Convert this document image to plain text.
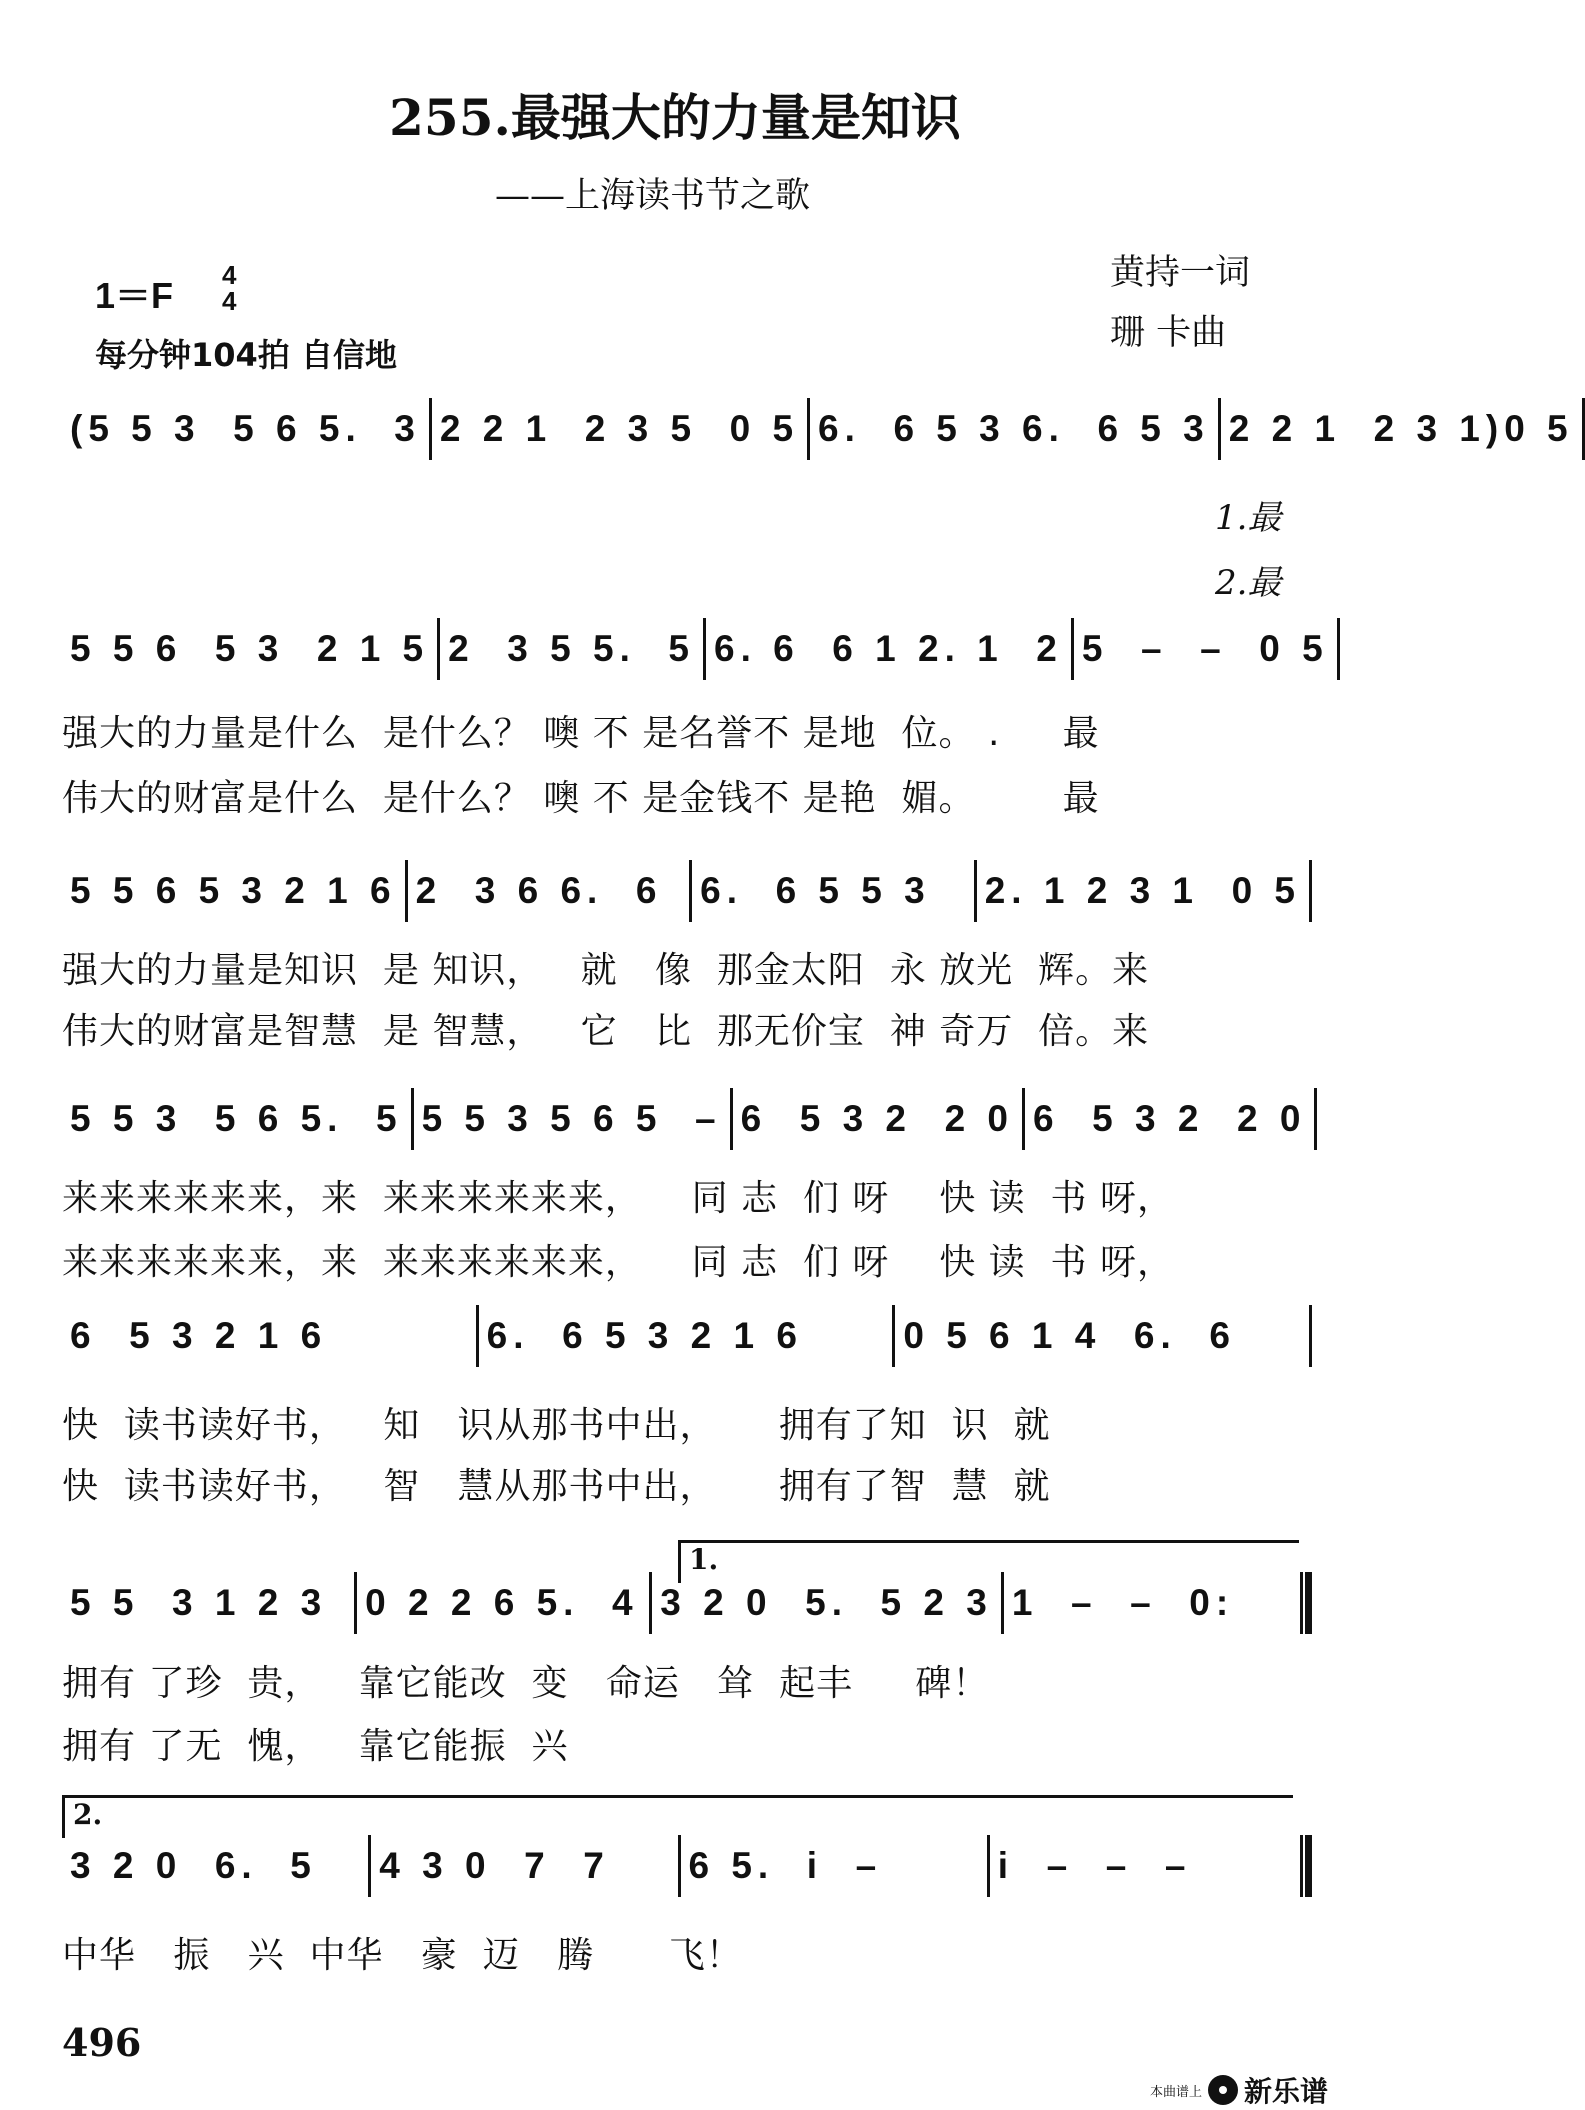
255.最强大的力量是知识
——上海读书节之歌
黄持一词
珊 卡曲
1＝F 4
4
每分钟104拍 自信地
1.最
2.最
1.
2.
(5 5 3  5 6 5.  3 2 2 1  2 3 5  0 5 6.  6 5 3 6.  6 5 3 2 2 1  2 3 1)0 5
5 5 6  5 3  2 1 5 2  3 5 5.  5 6. 6  6 1 2. 1  2 5  –  –  0 5
强大的力量是什么  是什么？ 噢 不 是名誉不 是地  位。 .     最
伟大的财富是什么  是什么？ 噢 不 是金钱不 是艳  媚。       最
5 5 6 5 3 2 1 6 2  3 6 6.  6	6.  6 5 5 3	2. 1 2 3 1  0 5
强大的力量是知识  是 知识，   就   像  那金太阳  永 放光  辉。来
伟大的财富是智慧  是 智慧，   它   比  那无价宝  神 奇万  倍。来
5 5 3  5 6 5.  5 5 5 3 5 6 5  – 6  5 3 2  2 0 6  5 3 2  2 0
来来来来来来，来  来来来来来来，    同 志  们 呀    快 读  书 呀，
来来来来来来，来  来来来来来来，    同 志  们 呀    快 读  书 呀，
6  5 3 2 1 6	6.  6 5 3 2 1 6	0 5 6 1 4  6.  6
快  读书读好书，   知   识从那书中出，     拥有了知  识  就
快  读书读好书，   智   慧从那书中出，     拥有了智  慧  就
5 5  3 1 2 3	0 2 2 6 5.  4 3 2 0  5.  5 2 3 1  –  –  0:
拥有 了珍  贵，   靠它能改  变   命运   耸  起丰     碑！
拥有 了无  愧，   靠它能振  兴
3 2 0  6.  5	4 3 0  7  7	6 5.  i  –	i  –  –  –
中华   振   兴  中华   豪  迈   腾      飞！
496
本曲谱上 新乐谱
